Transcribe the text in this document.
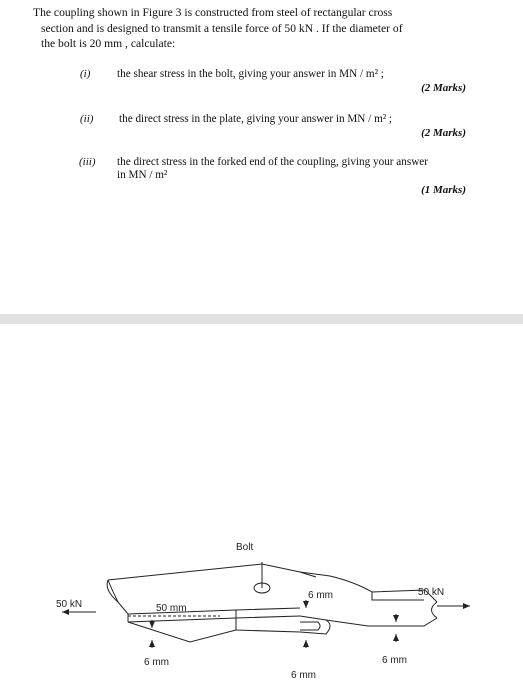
The coupling shown in Figure 3 is constructed from steel of rectangular cross
section and is designed to transmit a tensile force of 50 kN . If the diameter of
the bolt is 20 mm , calculate:
(i) the shear stress in the bolt, giving your answer in MN / m² ;
(2 Marks)
(ii) the direct stress in the plate, giving your answer in MN / m² ;
(2 Marks)
(iii) the direct stress in the forked end of the coupling, giving your answer
in MN / m²
(1 Marks)
Bolt
50 kN
50 kN
50 mm
6 mm
6 mm
6 mm
6 mm
